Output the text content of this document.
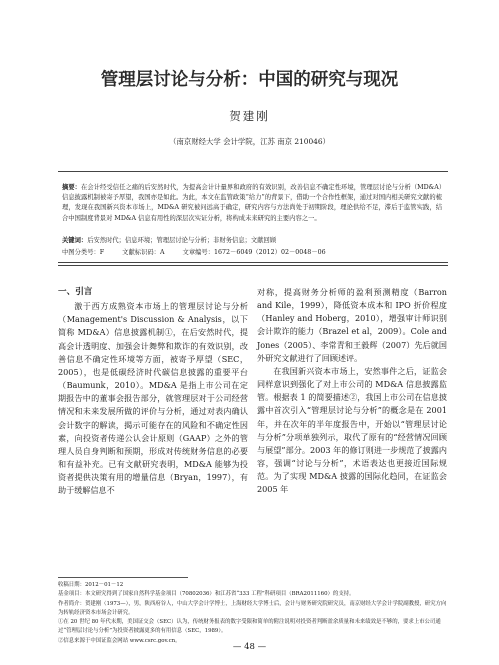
管理层讨论与分析：中国的研究与现况
贺建刚
（南京财经大学 会计学院，江苏 南京 210046）
摘要：在会计经受信任之痛的后安然时代，为提高会计计量界和政府的有效识别，改善信息不确定性环境，管理层讨论与分析（MD&A）信息披露机制被寄予厚望，我国亦是如此。为此，本文在监管政策“给力”的背景下，借助一个合作性框架，通过对国内相关研究文献的梳理，发现在我国新兴资本市场上，MD&A 研究被问远高于确定，研究内容与方法尚处于初期阶段，理论供给不足，滞后于监管实践，结合中国制度背景对 MD&A 信息有用性的深层次实证分析，将构成未来研究的主要内容之一。
关键词：后安然时代；信息环境；管理层讨论与分析；非财务信息；文献回顾
中图分类号：F	文献标识码：A	文章编号：1672－6049（2012）02－0048－06
一、引言

激于西方成熟资本市场上的管理层讨论与分析（Management's Discussion & Analysis，以下简称 MD&A）信息披露机制①，在后安然时代，提高会计透明度、加强会计舞弊和欺诈的有效识别，改善信息不确定性环境等方面，被寄予厚望（SEC，2005），也是低碳经济时代碳信息披露的重要平台（Baumunk，2010）。MD&A 是指上市公司在定期报告中的董事会报告部分，就管理层对于公司经营情况和未来发展所做的评价与分析，通过对表内确认会计数字的解读，揭示可能存在的风险和不确定性因素，向投资者传递公认会计原则（GAAP）之外的管理人员自身判断和预期，形成对传统财务信息的必要和有益补充。已有文献研究表明，MD&A 能够为投资者提供决策有用的增量信息（Bryan，1997），有助于缓解信息不

对称，提高财务分析师的盈利预测精度（Barron and Kile，1999），降低资本成本和 IPO 折价程度（Hanley and Hoberg，2010），增强审计师识别会计欺诈的能力（Brazel et al，2009）。Cole and Jones（2005）、李常青和王毅辉（2007）先后就国外研究文献进行了回顾述评。

在我国新兴资本市场上，安然事件之后，证监会同样意识到强化了对上市公司的 MD&A 信息披露监管。根据表 1 的简要描述②，我国上市公司在信息披露中首次引入“管理层讨论与分析”的概念是在 2001 年，并在次年的半年度报告中，开始以“管理层讨论与分析”分项单独列示，取代了原有的“经营情况回顾与展望”部分。2003 年的修订则进一步规范了披露内容，强调“讨论与分析”，术语表达也更接近国际规范。为了实现 MD&A 披露的国际化趋同，在证监会 2005 年

收稿日期：2012－01－12
基金项目：本文研究得到了国家自然科学基金项目（70802036）和江苏省“333 工程”科研项目（BRA2011160）的支持。
作者简介：贺建刚（1973—），男，陕西府谷人，中山大学会计学博士，上海财经大学博士后，会计与财务研究院研究员，南京财经大学会计学院副教授，研究方向为转轨经济资本市场会计研究。
①在 20 世纪 80 年代末期，美国证交会（SEC）认为，传统财务报表的数字受限和简单的附注说明对投资者判断盈余质量和未来绩效是不够的，要求上市公司通过“管理层讨论与分析”为投资者披露更多的有用信息（SEC，1989）。
②信息来源于中国证监会网站 www.csrc.gov.cn。
— 48 —
